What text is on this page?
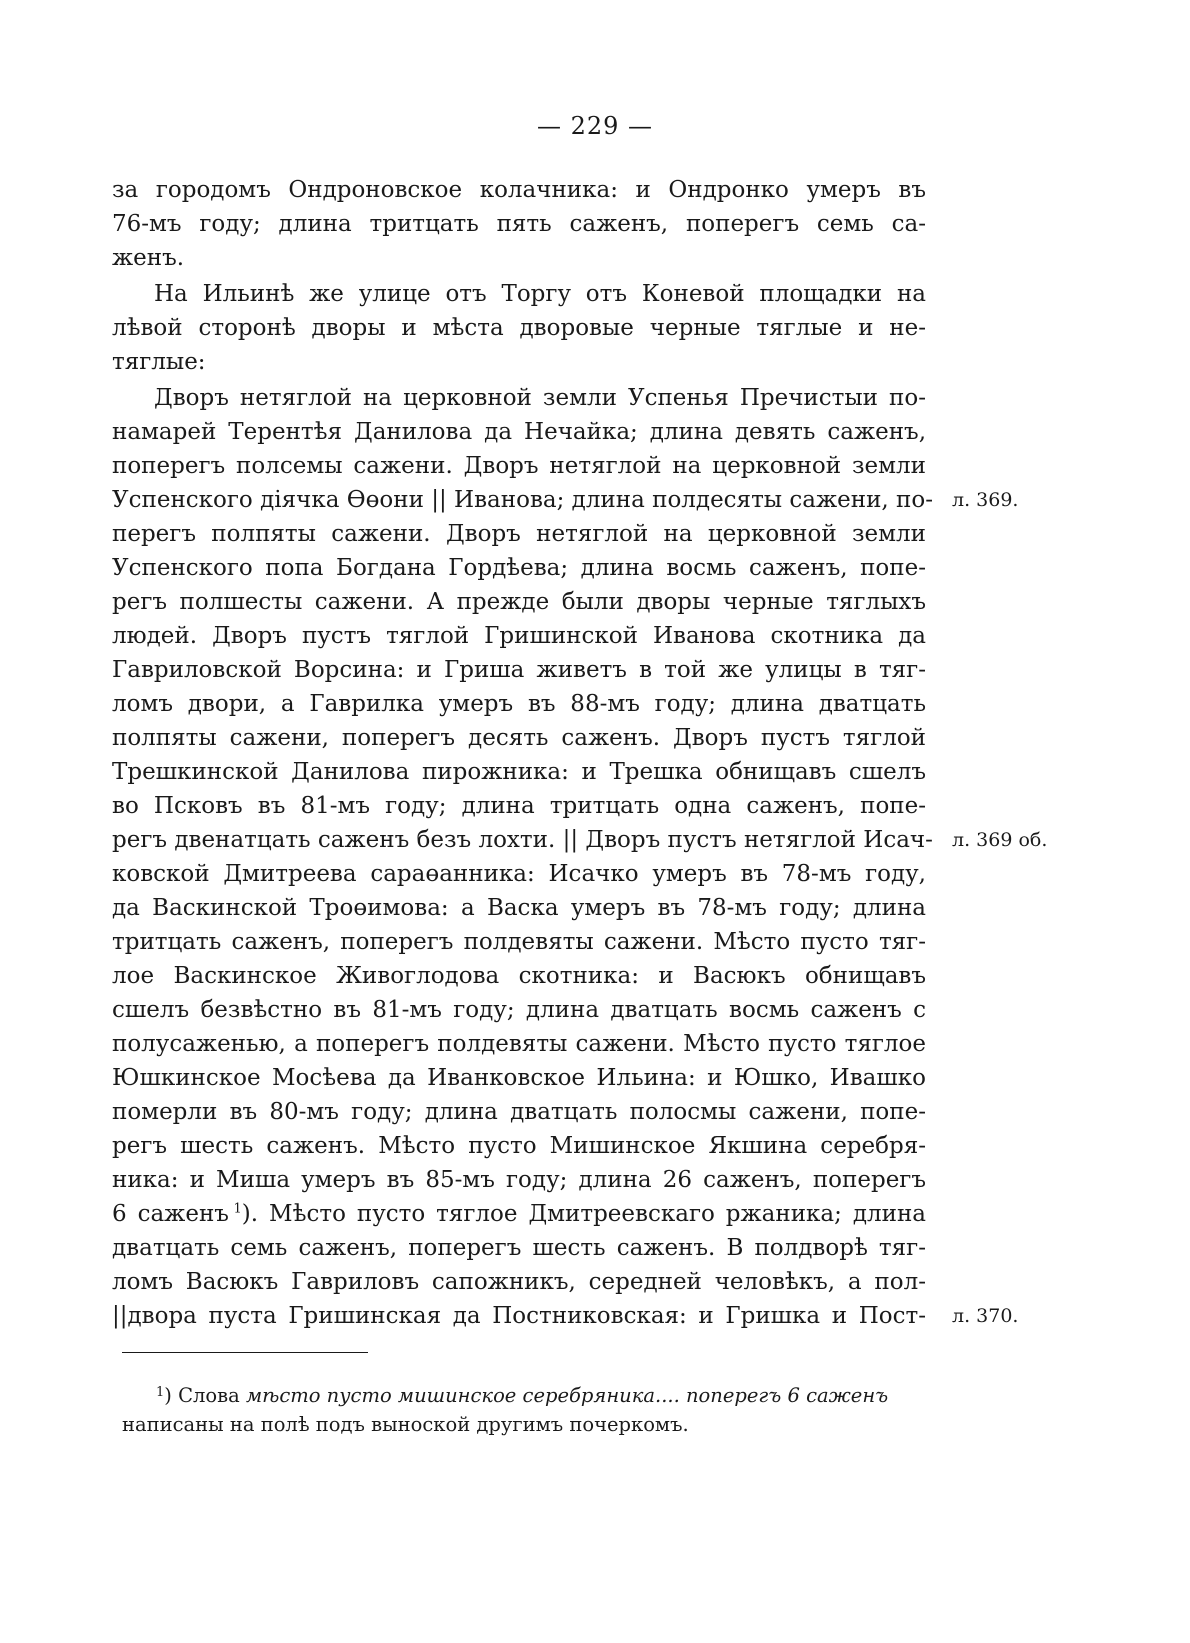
— 229 —
за городомъ Ондроновское колачника: и Ондронко умеръ въ
76-мъ году; длина тритцать пять саженъ, поперегъ семь са-
женъ.
На Ильинѣ же улице отъ Торгу отъ Коневой площадки на
лѣвой сторонѣ дворы и мѣста дворовые черные тяглые и не-
тяглые:
Дворъ нетяглой на церковной земли Успенья Пречистыи по-
намарей Терентѣя Данилова да Нечайка; длина девять саженъ,
поперегъ полсемы сажени. Дворъ нетяглой на церковной земли
Успенского діячка Өөони || Иванова; длина полдесяты сажени, по-
перегъ полпяты сажени. Дворъ нетяглой на церковной земли
Успенского попа Богдана Гордѣева; длина восмь саженъ, попе-
регъ полшесты сажени. А прежде были дворы черные тяглыхъ
людей. Дворъ пустъ тяглой Гришинской Иванова скотника да
Гавриловской Ворсина: и Гриша живетъ в той же улицы в тяг-
ломъ двори, а Гаврилка умеръ въ 88-мъ году; длина дватцать
полпяты сажени, поперегъ десять саженъ. Дворъ пустъ тяглой
Трешкинской Данилова пирожника: и Трешка обнищавъ сшелъ
во Псковъ въ 81-мъ году; длина тритцать одна саженъ, попе-
регъ двенатцать саженъ безъ лохти. || Дворъ пустъ нетяглой Исач-
ковской Дмитреева сараөанника: Исачко умеръ въ 78-мъ году,
да Васкинской Троөимова: а Васка умеръ въ 78-мъ году; длина
тритцать саженъ, поперегъ полдевяты сажени. Мѣсто пусто тяг-
лое Васкинское Живоглодова скотника: и Васюкъ обнищавъ
сшелъ безвѣстно въ 81-мъ году; длина дватцать восмь саженъ с
полусаженью, а поперегъ полдевяты сажени. Мѣсто пусто тяглое
Юшкинское Мосѣева да Иванковское Ильина: и Юшко, Ивашко
померли въ 80-мъ году; длина дватцать полосмы сажени, попе-
регъ шесть саженъ. Мѣсто пусто Мишинское Якшина серебря-
ника: и Миша умеръ въ 85-мъ году; длина 26 саженъ, поперегъ
6 саженъ  $^1$). Мѣсто пусто тяглое Дмитреевскаго ржаника; длина
дватцать семь саженъ, поперегъ шесть саженъ. В полдворѣ тяг-
ломъ Васюкъ Гавриловъ сапожникъ, середней человѣкъ, а пол-
||двора пуста Гришинская да Постниковская: и Гришка и Пост-
л. 369.
л. 369 об.
л. 370.
$^1$) Слова мѣсто пусто мишинское серебряника.... поперегъ 6 саженъ
написаны на полѣ подъ выноской другимъ почеркомъ.
